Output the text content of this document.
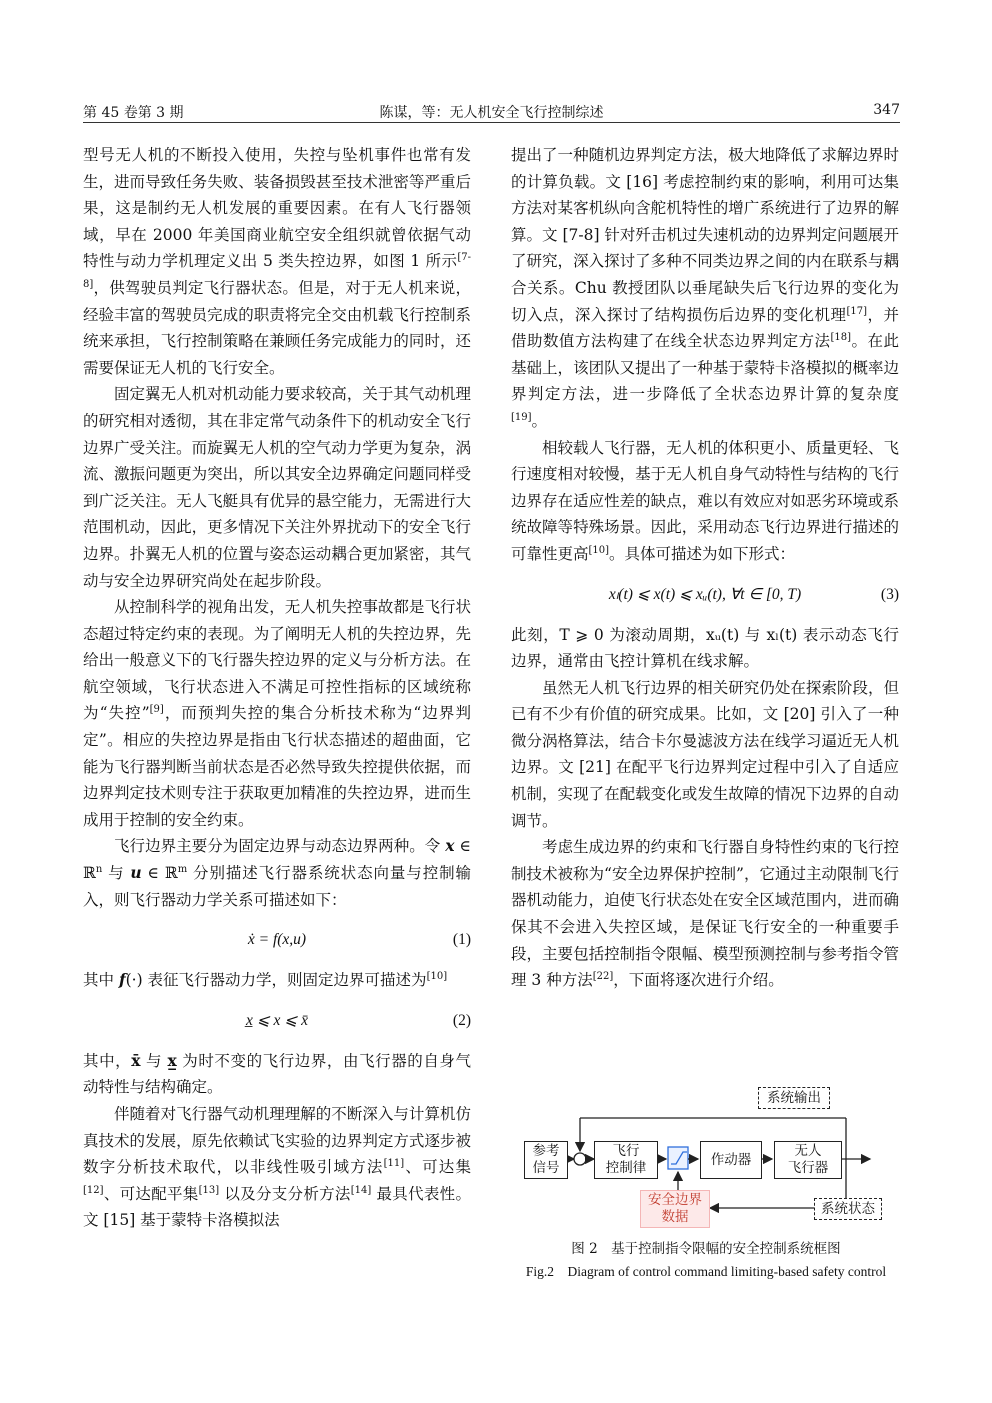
第 45 卷第 3 期	陈谋，等：无人机安全飞行控制综述	347

型号无人机的不断投入使用，失控与坠机事件也常有发生，进而导致任务失败、装备损毁甚至技术泄密等严重后果，这是制约无人机发展的重要因素。在有人飞行器领域，早在 2000 年美国商业航空安全组织就曾依据气动特性与动力学机理定义出 5 类失控边界，如图 1 所示[7-8]，供驾驶员判定飞行器状态。但是，对于无人机来说，经验丰富的驾驶员完成的职责将完全交由机载飞行控制系统来承担，飞行控制策略在兼顾任务完成能力的同时，还需要保证无人机的飞行安全。

固定翼无人机对机动能力要求较高，关于其气动机理的研究相对透彻，其在非定常气动条件下的机动安全飞行边界广受关注。而旋翼无人机的空气动力学更为复杂，涡流、激振问题更为突出，所以其安全边界确定问题同样受到广泛关注。无人飞艇具有优异的悬空能力，无需进行大范围机动，因此，更多情况下关注外界扰动下的安全飞行边界。扑翼无人机的位置与姿态运动耦合更加紧密，其气动与安全边界研究尚处在起步阶段。

从控制科学的视角出发，无人机失控事故都是飞行状态超过特定约束的表现。为了阐明无人机的失控边界，先给出一般意义下的飞行器失控边界的定义与分析方法。在航空领域，飞行状态进入不满足可控性指标的区域统称为“失控”[9]，而预判失控的集合分析技术称为“边界判定”。相应的失控边界是指由飞行状态描述的超曲面，它能为飞行器判断当前状态是否必然导致失控提供依据，而边界判定技术则专注于获取更加精准的失控边界，进而生成用于控制的安全约束。

飞行边界主要分为固定边界与动态边界两种。令 x ∈ ℝ$^n$ 与 u ∈ ℝ$^m$ 分别描述飞行器系统状态向量与控制输入，则飞行器动力学关系可描述如下：

ẋ = f(x,u)	(1)

其中 f(·) 表征飞行器动力学，则固定边界可描述为[10]

x̲ ⩽ x ⩽ x̄	(2)

其中，x̄ 与 x̲ 为时不变的飞行边界，由飞行器的自身气动特性与结构确定。

伴随着对飞行器气动机理理解的不断深入与计算机仿真技术的发展，原先依赖试飞实验的边界判定方式逐步被数字分析技术取代，以非线性吸引域方法[11]、可达集[12]、可达配平集[13] 以及分支分析方法[14] 最具代表性。文 [15] 基于蒙特卡洛模拟法

提出了一种随机边界判定方法，极大地降低了求解边界时的计算负载。文 [16] 考虑控制约束的影响，利用可达集方法对某客机纵向含舵机特性的增广系统进行了边界的解算。文 [7-8] 针对歼击机过失速机动的边界判定问题展开了研究，深入探讨了多种不同类边界之间的内在联系与耦合关系。Chu 教授团队以垂尾缺失后飞行边界的变化为切入点，深入探讨了结构损伤后边界的变化机理[17]，并借助数值方法构建了在线全状态边界判定方法[18]。在此基础上，该团队又提出了一种基于蒙特卡洛模拟的概率边界判定方法，进一步降低了全状态边界计算的复杂度[19]。

相较载人飞行器，无人机的体积更小、质量更轻、飞行速度相对较慢，基于无人机自身气动特性与结构的飞行边界存在适应性差的缺点，难以有效应对如恶劣环境或系统故障等特殊场景。因此，采用动态飞行边界进行描述的可靠性更高[10]。具体可描述为如下形式：

xₗ(t) ⩽ x(t) ⩽ xᵤ(t), ∀t ∈ [0, T)	(3)

此刻，T ⩾ 0 为滚动周期，xᵤ(t) 与 xₗ(t) 表示动态飞行边界，通常由飞控计算机在线求解。

虽然无人机飞行边界的相关研究仍处在探索阶段，但已有不少有价值的研究成果。比如，文 [20] 引入了一种微分涡格算法，结合卡尔曼滤波方法在线学习逼近无人机边界。文 [21] 在配平飞行边界判定过程中引入了自适应机制，实现了在配载变化或发生故障的情况下边界的自动调节。

考虑生成边界的约束和飞行器自身特性约束的飞行控制技术被称为“安全边界保护控制”，它通过主动限制飞行器机动能力，迫使飞行状态处在安全区域范围内，进而确保其不会进入失控区域，是保证飞行安全的一种重要手段，主要包括控制指令限幅、模型预测控制与参考指令管理 3 种方法[22]，下面将逐次进行介绍。

参考
信号
飞行
控制律
作动器
无人
飞行器
系统输出
系统状态
安全边界
数据
图 2　基于控制指令限幅的安全控制系统框图
Fig.2　Diagram of control command limiting-based safety control
